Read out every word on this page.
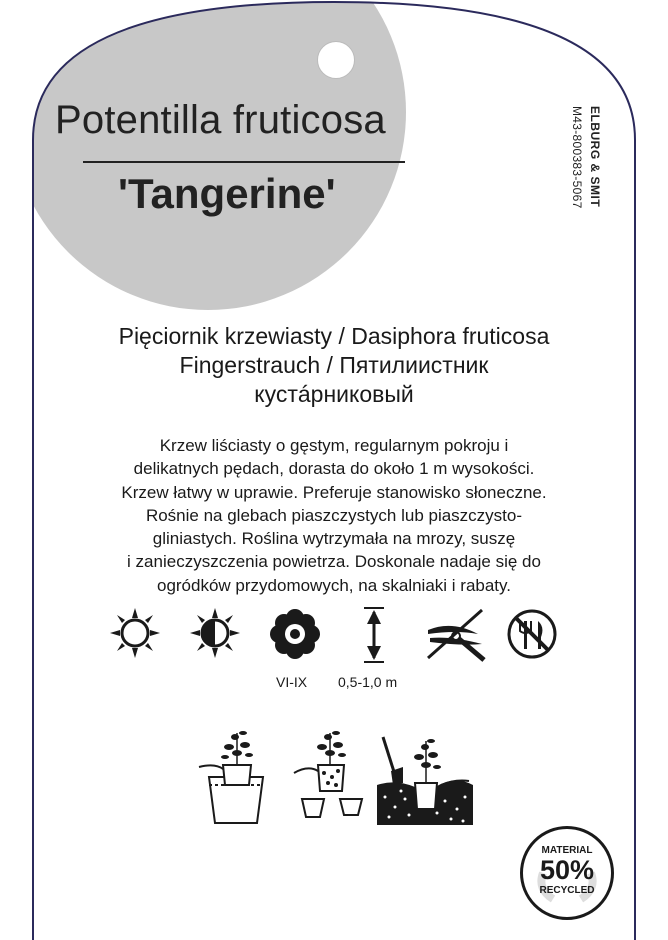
Potentilla fruticosa
'Tangerine'	ELBURG & SMIT
M43-800383-5067
Pięciornik krzewiasty / Dasiphora fruticosa
Fingerstrauch / Пятилиистник
кустáрниковый
Krzew liściasty o gęstym, regularnym pokroju i
delikatnych pędach, dorasta do około 1 m wysokości.
Krzew łatwy w uprawie. Preferuje stanowisko słoneczne.
Rośnie na glebach piaszczystych lub piaszczysto-
gliniastych. Roślina wytrzymała na mrozy, suszę
i zanieczyszczenia powietrza. Doskonale nadaje się do
ogródków przydomowych, na skalniaki i rabaty.
VI-IX 0,5-1,0 m
MATERIAL
50%
RECYCLED
